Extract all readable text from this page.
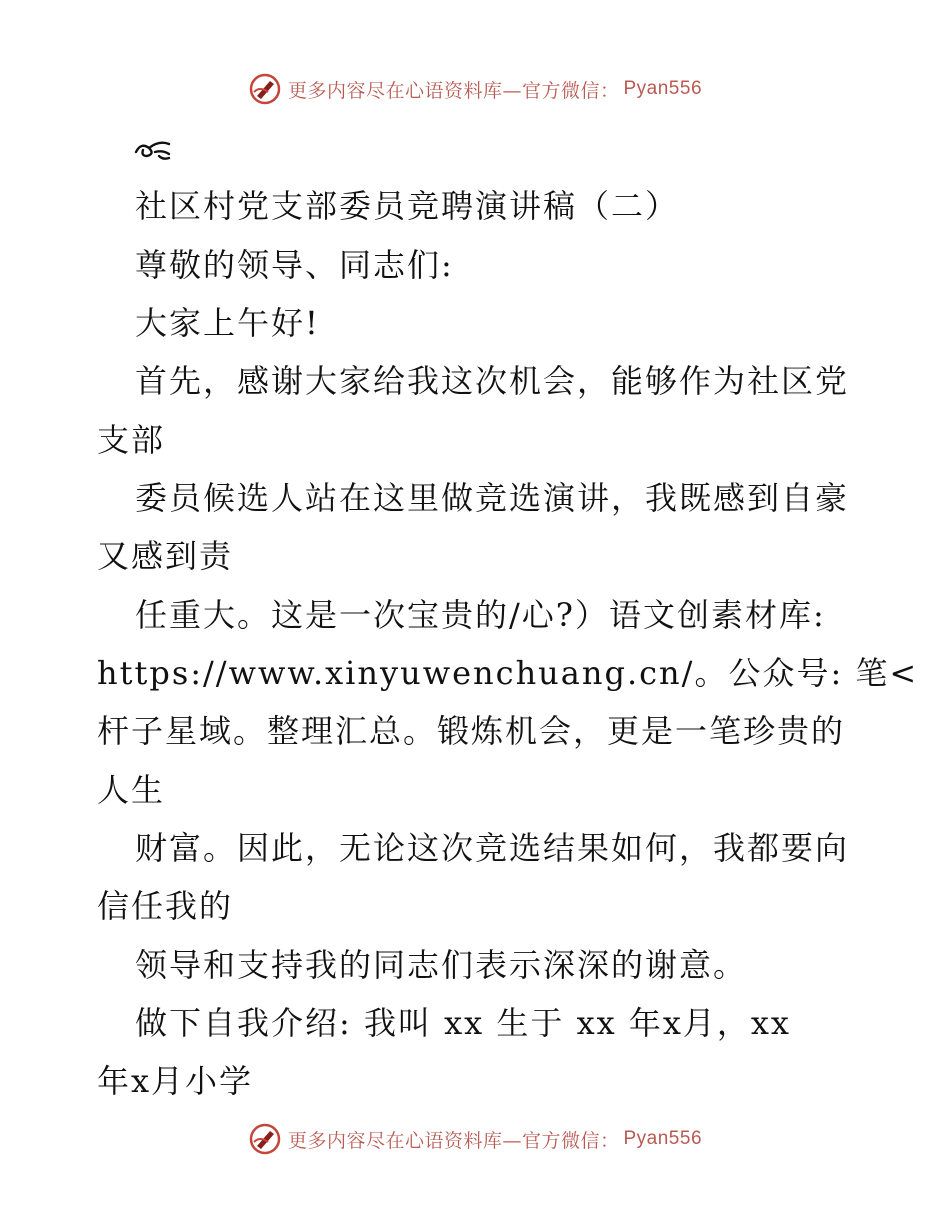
更多内容尽在心语资料库—官方微信： Pyan556
社区村党支部委员竞聘演讲稿（二）
尊敬的领导、同志们:
大家上午好!
首先，感谢大家给我这次机会，能够作为社区党
支部
委员候选人站在这里做竞选演讲，我既感到自豪
又感到责
任重大。这是一次宝贵的/心?）语文创素材库:
https://www.xinyuwenchuang.cn/。公众号: 笔<
杆子星域。整理汇总。锻炼机会，更是一笔珍贵的
人生
财富。因此，无论这次竞选结果如何，我都要向
信任我的
领导和支持我的同志们表示深深的谢意。
做下自我介绍: 我叫 xx 生于 xx 年x月，xx
年x月小学
更多内容尽在心语资料库—官方微信： Pyan556
